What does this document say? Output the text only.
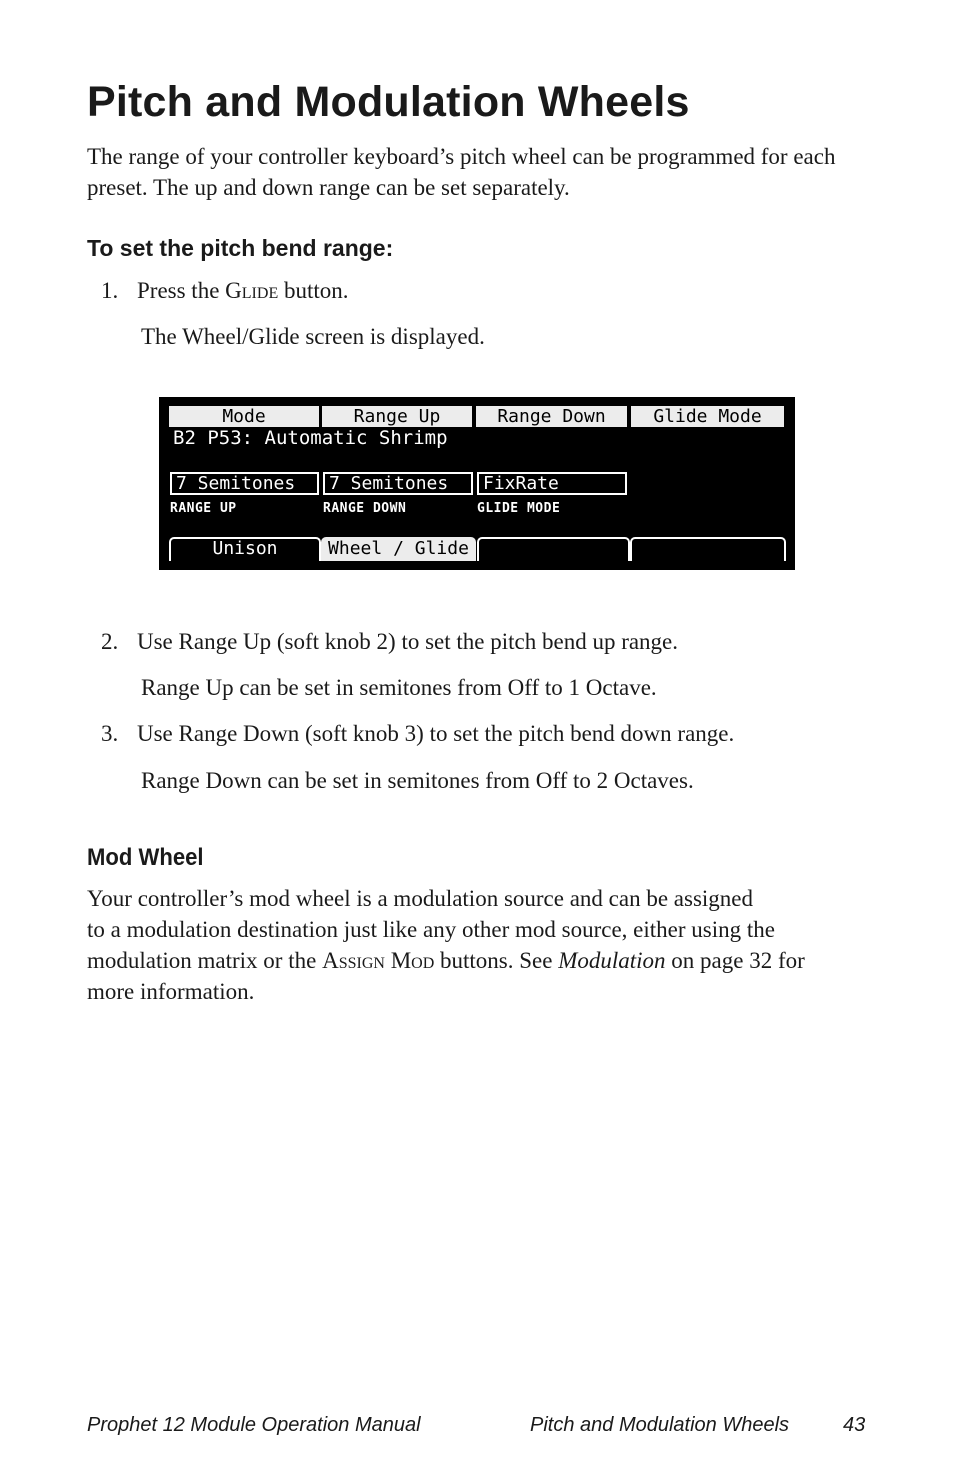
Pitch and Modulation Wheels

The range of your controller keyboard’s pitch wheel can be programmed for each preset. The up and down range can be set separately.

To set the pitch bend range:
1. Press the Glide button.
The Wheel/Glide screen is displayed.
Mode	Range Up	Range Down	Glide Mode
B2 P53: Automatic Shrimp
7 Semitones	7 Semitones	FixRate
RANGE UP	RANGE DOWN	GLIDE MODE
Unison	Wheel / Glide
2. Use Range Up (soft knob 2) to set the pitch bend up range.
Range Up can be set in semitones from Off to 1 Octave.
3. Use Range Down (soft knob 3) to set the pitch bend down range.
Range Down can be set in semitones from Off to 2 Octaves.
Mod Wheel
Your controller’s mod wheel is a modulation source and can be assigned
to a modulation destination just like any other mod source, either using the
modulation matrix or the Assign Mod buttons. See Modulation on page 32 for
more information.
Prophet 12 Module Operation Manual	Pitch and Modulation Wheels	43
